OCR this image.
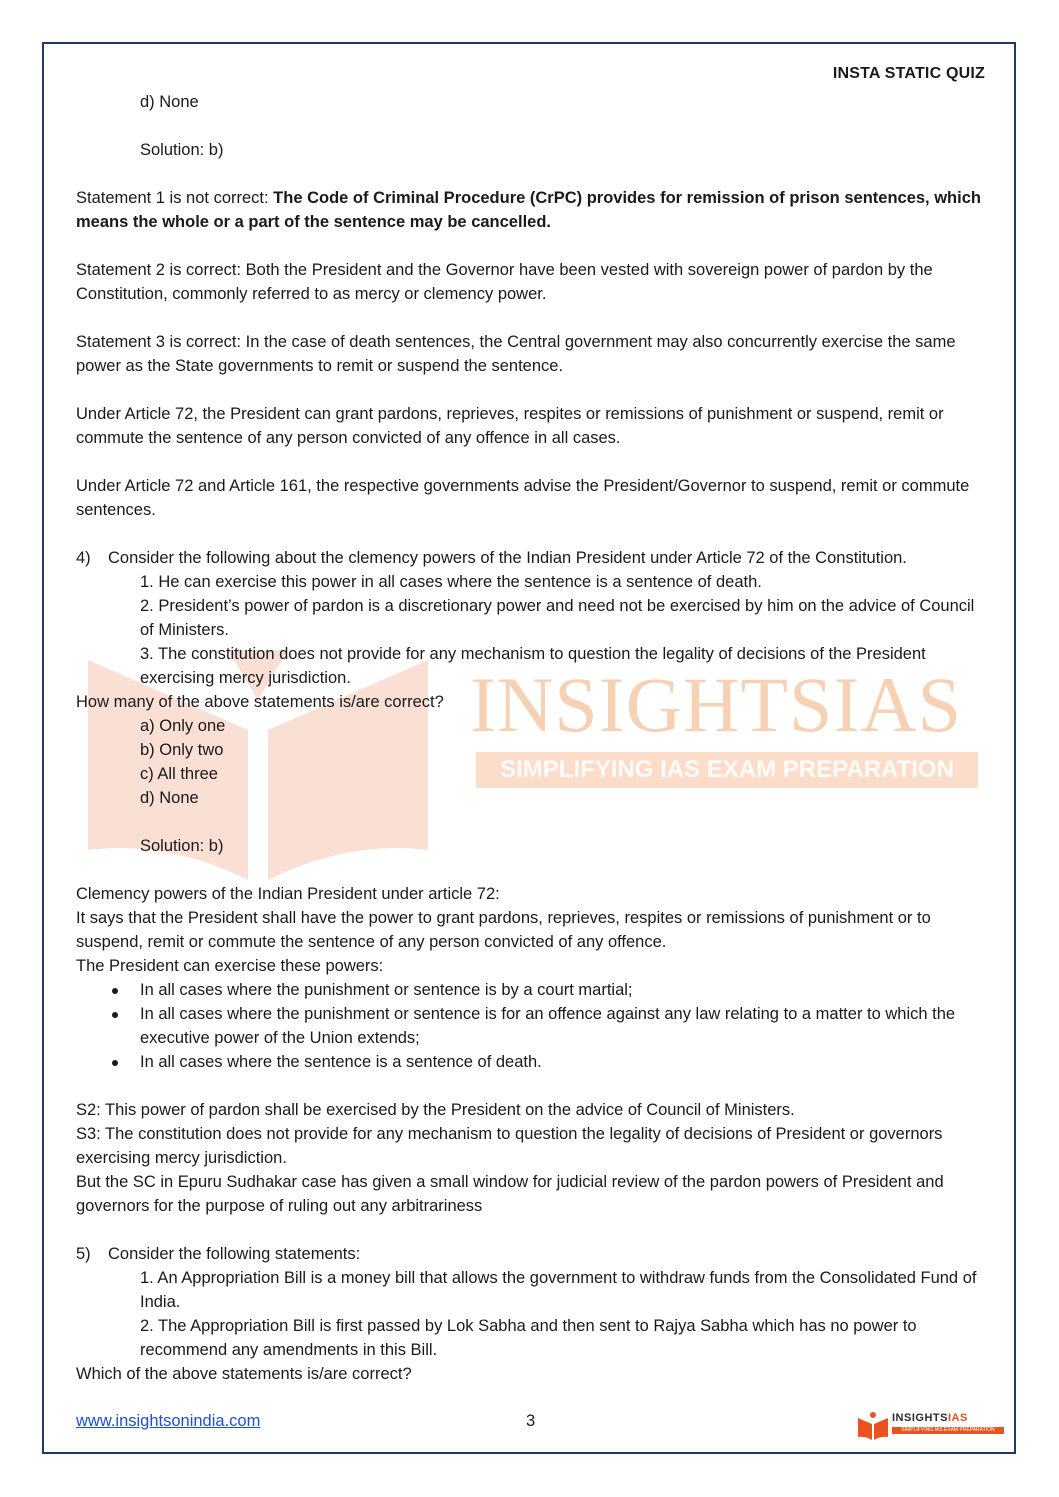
INSIGHTSIAS
SIMPLIFYING IAS EXAM PREPARATION
INSTA STATIC QUIZ

d) None

Solution: b)

Statement 1 is not correct: The Code of Criminal Procedure (CrPC) provides for remission of prison sentences, which means the whole or a part of the sentence may be cancelled.

Statement 2 is correct: Both the President and the Governor have been vested with sovereign power of pardon by the Constitution, commonly referred to as mercy or clemency power.

Statement 3 is correct: In the case of death sentences, the Central government may also concurrently exercise the same power as the State governments to remit or suspend the sentence.

Under Article 72, the President can grant pardons, reprieves, respites or remissions of punishment or suspend, remit or commute the sentence of any person convicted of any offence in all cases.

Under Article 72 and Article 161, the respective governments advise the President/Governor to suspend, remit or commute sentences.

4) Consider the following about the clemency powers of the Indian President under Article 72 of the Constitution.

1. He can exercise this power in all cases where the sentence is a sentence of death.

2. President’s power of pardon is a discretionary power and need not be exercised by him on the advice of Council of Ministers.

3. The constitution does not provide for any mechanism to question the legality of decisions of the President exercising mercy jurisdiction.

How many of the above statements is/are correct?

a) Only one

b) Only two

c) All three

d) None

Solution: b)

Clemency powers of the Indian President under article 72:

It says that the President shall have the power to grant pardons, reprieves, respites or remissions of punishment or to suspend, remit or commute the sentence of any person convicted of any offence.

The President can exercise these powers:

In all cases where the punishment or sentence is by a court martial;

In all cases where the punishment or sentence is for an offence against any law relating to a matter to which the executive power of the Union extends;

In all cases where the sentence is a sentence of death.

S2: This power of pardon shall be exercised by the President on the advice of Council of Ministers.

S3: The constitution does not provide for any mechanism to question the legality of decisions of President or governors exercising mercy jurisdiction.

But the SC in Epuru Sudhakar case has given a small window for judicial review of the pardon powers of President and governors for the purpose of ruling out any arbitrariness

5) Consider the following statements:

1. An Appropriation Bill is a money bill that allows the government to withdraw funds from the Consolidated Fund of India.

2. The Appropriation Bill is first passed by Lok Sabha and then sent to Rajya Sabha which has no power to recommend any amendments in this Bill.

Which of the above statements is/are correct?

www.insightsonindia.com	3	INSIGHTSIAS
SIMPLIFYING IAS EXAM PREPARATION
